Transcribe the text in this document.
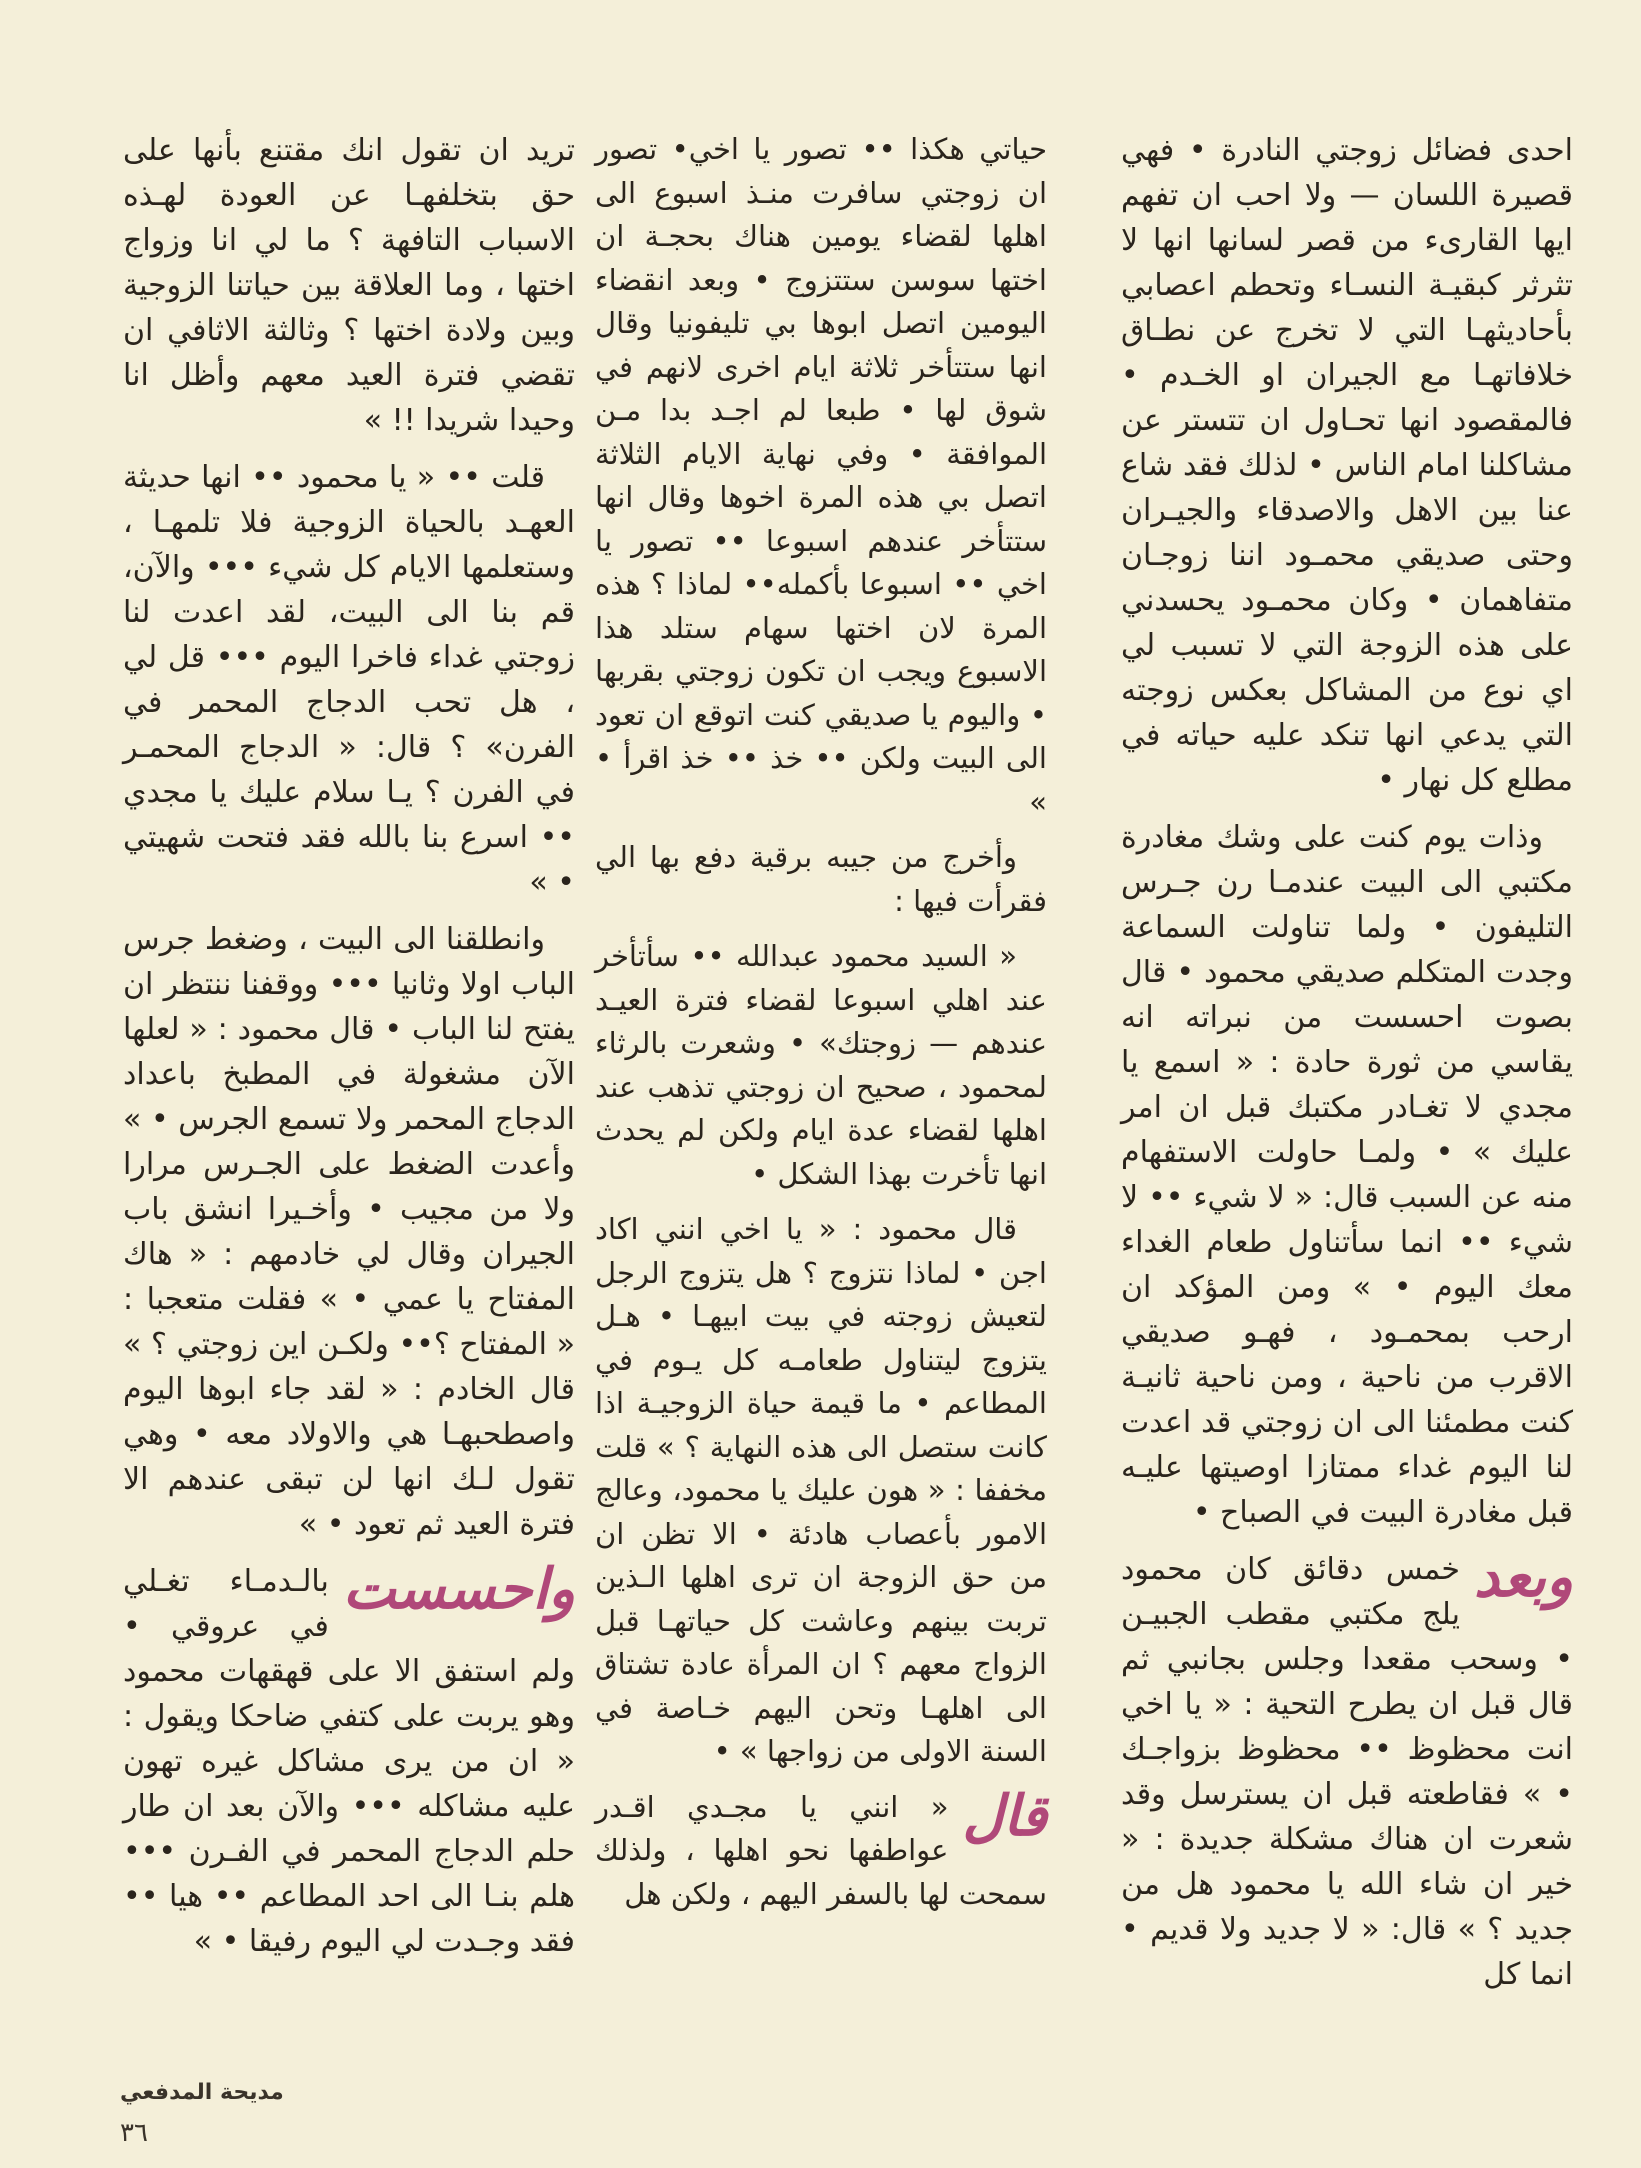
احدى فضائل زوجتي النادرة • فهي قصيرة اللسان — ولا احب ان تفهم ايها القارىء من قصر لسانها انها لا تثرثر كبقيـة النسـاء وتحطم اعصابي بأحاديثهـا التي لا تخرج عن نطـاق خلافاتهـا مع الجيران او الخـدم • فالمقصود انها تحـاول ان تتستر عن مشاكلنا امام الناس • لذلك فقد شاع عنا بين الاهل والاصدقاء والجيـران وحتى صديقي محمـود اننا زوجـان متفاهمان • وكان محمـود يحسدني على هذه الزوجة التي لا تسبب لي اي نوع من المشاكل بعكس زوجته التي يدعي انها تنكد عليه حياته في مطلع كل نهار •

وذات يوم كنت على وشك مغادرة مكتبي الى البيت عندمـا رن جـرس التليفون • ولما تناولت السماعة وجدت المتكلم صديقي محمود • قال بصوت احسست من نبراته انه يقاسي من ثورة حادة : « اسمع يا مجدي لا تغـادر مكتبك قبل ان امر عليك » • ولمـا حاولت الاستفهام منه عن السبب قال: « لا شيء •• لا شيء •• انما سأتناول طعام الغداء معك اليوم • » ومن المؤكد ان ارحب بمحمـود ، فهـو صديقي الاقرب من ناحية ، ومن ناحية ثانيـة كنت مطمئنا الى ان زوجتي قد اعدت لنا اليوم غداء ممتازا اوصيتها عليـه قبل مغادرة البيت في الصباح •

وبعد
خمس دقائق كان محمود يلج مكتبي مقطب الجبيـن • وسحب مقعدا وجلس بجانبي ثم قال قبل ان يطرح التحية : « يا اخي انت محظوظ •• محظوظ بزواجـك • » فقاطعته قبل ان يسترسل وقد شعرت ان هناك مشكلة جديدة : « خير ان شاء الله يا محمود هل من جديد ؟ » قال: « لا جديد ولا قديم • انما كل

حياتي هكذا •• تصور يا اخي• تصور ان زوجتي سافرت منـذ اسبوع الى اهلها لقضاء يومين هناك بحجـة ان اختها سوسن ستتزوج • وبعد انقضاء اليومين اتصل ابوها بي تليفونيا وقال انها ستتأخر ثلاثة ايام اخرى لانهم في شوق لها • طبعا لم اجـد بدا مـن الموافقة • وفي نهاية الايام الثلاثة اتصل بي هذه المرة اخوها وقال انها ستتأخر عندهم اسبوعا •• تصور يا اخي •• اسبوعا بأكمله•• لماذا ؟ هذه المرة لان اختها سهام ستلد هذا الاسبوع ويجب ان تكون زوجتي بقربها • واليوم يا صديقي كنت اتوقع ان تعود الى البيت ولكن •• خذ •• خذ اقرأ • »

وأخرج من جيبه برقية دفع بها الي فقرأت فيها :

« السيد محمود عبدالله •• سأتأخر عند اهلي اسبوعا لقضاء فترة العيـد عندهم — زوجتك» • وشعرت بالرثاء لمحمود ، صحيح ان زوجتي تذهب عند اهلها لقضاء عدة ايام ولكن لم يحدث انها تأخرت بهذا الشكل •

قال محمود : « يا اخي انني اكاد اجن • لماذا نتزوج ؟ هل يتزوج الرجل لتعيش زوجته في بيت ابيهـا • هـل يتزوج ليتناول طعامـه كل يـوم في المطاعم • ما قيمة حياة الزوجيـة اذا كانت ستصل الى هذه النهاية ؟ » قلت مخففا : « هون عليك يا محمود، وعالج الامور بأعصاب هادئة • الا تظن ان من حق الزوجة ان ترى اهلها الـذين تربت بينهم وعاشت كل حياتهـا قبل الزواج معهم ؟ ان المرأة عادة تشتاق الى اهلهـا وتحن اليهم خـاصة في السنة الاولى من زواجها » •

قال
« انني يا مجـدي اقـدر عواطفها نحو اهلها ، ولذلك سمحت لها بالسفر اليهم ، ولكن هل

تريد ان تقول انك مقتنع بأنها على حق بتخلفهـا عن العودة لهـذه الاسباب التافهة ؟ ما لي انا وزواج اختها ، وما العلاقة بين حياتنا الزوجية وبين ولادة اختها ؟ وثالثة الاثافي ان تقضي فترة العيد معهم وأظل انا وحيدا شريدا !! »

قلت •• « يا محمود •• انها حديثة العهـد بالحياة الزوجية فلا تلمهـا ، وستعلمها الايام كل شيء ••• والآن، قم بنا الى البيت، لقد اعدت لنا زوجتي غداء فاخرا اليوم ••• قل لي ، هل تحب الدجاج المحمر في الفرن» ؟ قال: « الدجاج المحمـر في الفرن ؟ يـا سلام عليك يا مجدي •• اسرع بنا بالله فقد فتحت شهيتي • »

وانطلقنا الى البيت ، وضغط جرس الباب اولا وثانيا ••• ووقفنا ننتظر ان يفتح لنا الباب • قال محمود : « لعلها الآن مشغولة في المطبخ باعداد الدجاج المحمر ولا تسمع الجرس • » وأعدت الضغط على الجـرس مرارا ولا من مجيب • وأخـيرا انشق باب الجيران وقال لي خادمهم : « هاك المفتاح يا عمي • » فقلت متعجبا : « المفتاح ؟•• ولكـن اين زوجتي ؟ » قال الخادم : « لقد جاء ابوها اليوم واصطحبهـا هي والاولاد معه • وهي تقول لـك انها لن تبقى عندهم الا فترة العيد ثم تعود • »

واحسست
بالـدمـاء تغـلي في عروقي • ولم استفق الا على قهقهات محمود وهو يربت على كتفي ضاحكا ويقول : « ان من يرى مشاكل غيره تهون عليه مشاكله ••• والآن بعد ان طار حلم الدجاج المحمر في الفـرن ••• هلم بنـا الى احد المطاعم •• هيا •• فقد وجـدت لي اليوم رفيقا • »

مديحة المدفعي
٣٦
